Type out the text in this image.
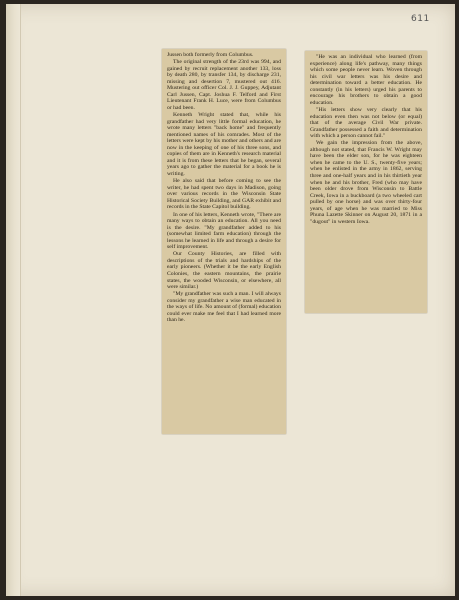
611

Jussen both formerly from Columbus.

The original strength of the 23rd was 994, and gained by recruit replacement another 133, loss by death 280, by transfer 134, by discharge 231, missing and desertion 7, mustered out 416. Mustering out officer Col. J. J. Guppey, Adjutant Carl Jussen, Capt. Joshua F. Telford and First Lieutenant Frank H. Luce, were from Columbus or had been.

Kenneth Wright stated that, while his grandfather had very little formal education, he wrote many letters "back home" and frequently mentioned names of his comrades. Most of the letters were kept by his mother and others and are now in the keeping of one of his three sons, and copies of them are in Kenneth's research material and it is from these letters that he began, several years ago to gather the material for a book he is writing.

He also said that before coming to see the writer, he had spent two days in Madison, going over various records in the Wisconsin State Historical Society Building, and GAR exhibit and records in the State Capitol building.

In one of his letters, Kenneth wrote, "There are many ways to obtain an education. All you need is the desire. "My grandfather added to his (somewhat limited farm education) through the lessons he learned in life and through a desire for self improvement.

Our County Histories, are filled with descriptions of the trials and hardships of the early pioneers. (Whether it be the early English Colonies, the eastern mountains, the prairie states, the wooded Wisconsin, or elsewhere, all were similar.)

"My grandfather was such a man. I will always consider my grandfather a wise man educated in the ways of life. No amount of (formal) education could ever make me feel that I had learned more than he.

"He was an individual who learned (from experience) along life's pathway, many things which some people never learn. Woven through his civil war letters was his desire and determination toward a better education. He constantly (in his letters) urged his parents to encourage his brothers to obtain a good education.

"His letters show very clearly that his education even then was not below (or equal) that of the average Civil War private. Grandfather possessed a faith and determination with which a person cannot fail."

We gain the impression from the above, although not stated, that Francis W. Wright may have been the elder son, for he was eighteen when he came to the U. S., twenty-five years; when he enlisted in the army in 1862, serving three and one-half years and in his thirtieth year when he and his brother, Fred (who may have been older drove from Wisconsin to Battle Creek, Iowa in a buckboard (a two wheeled cart pulled by one horse) and was over thirty-four years, of age when he was married to Miss Phuna Lazette Skinner on August 20, 1871 in a "dugout" in western Iowa.
